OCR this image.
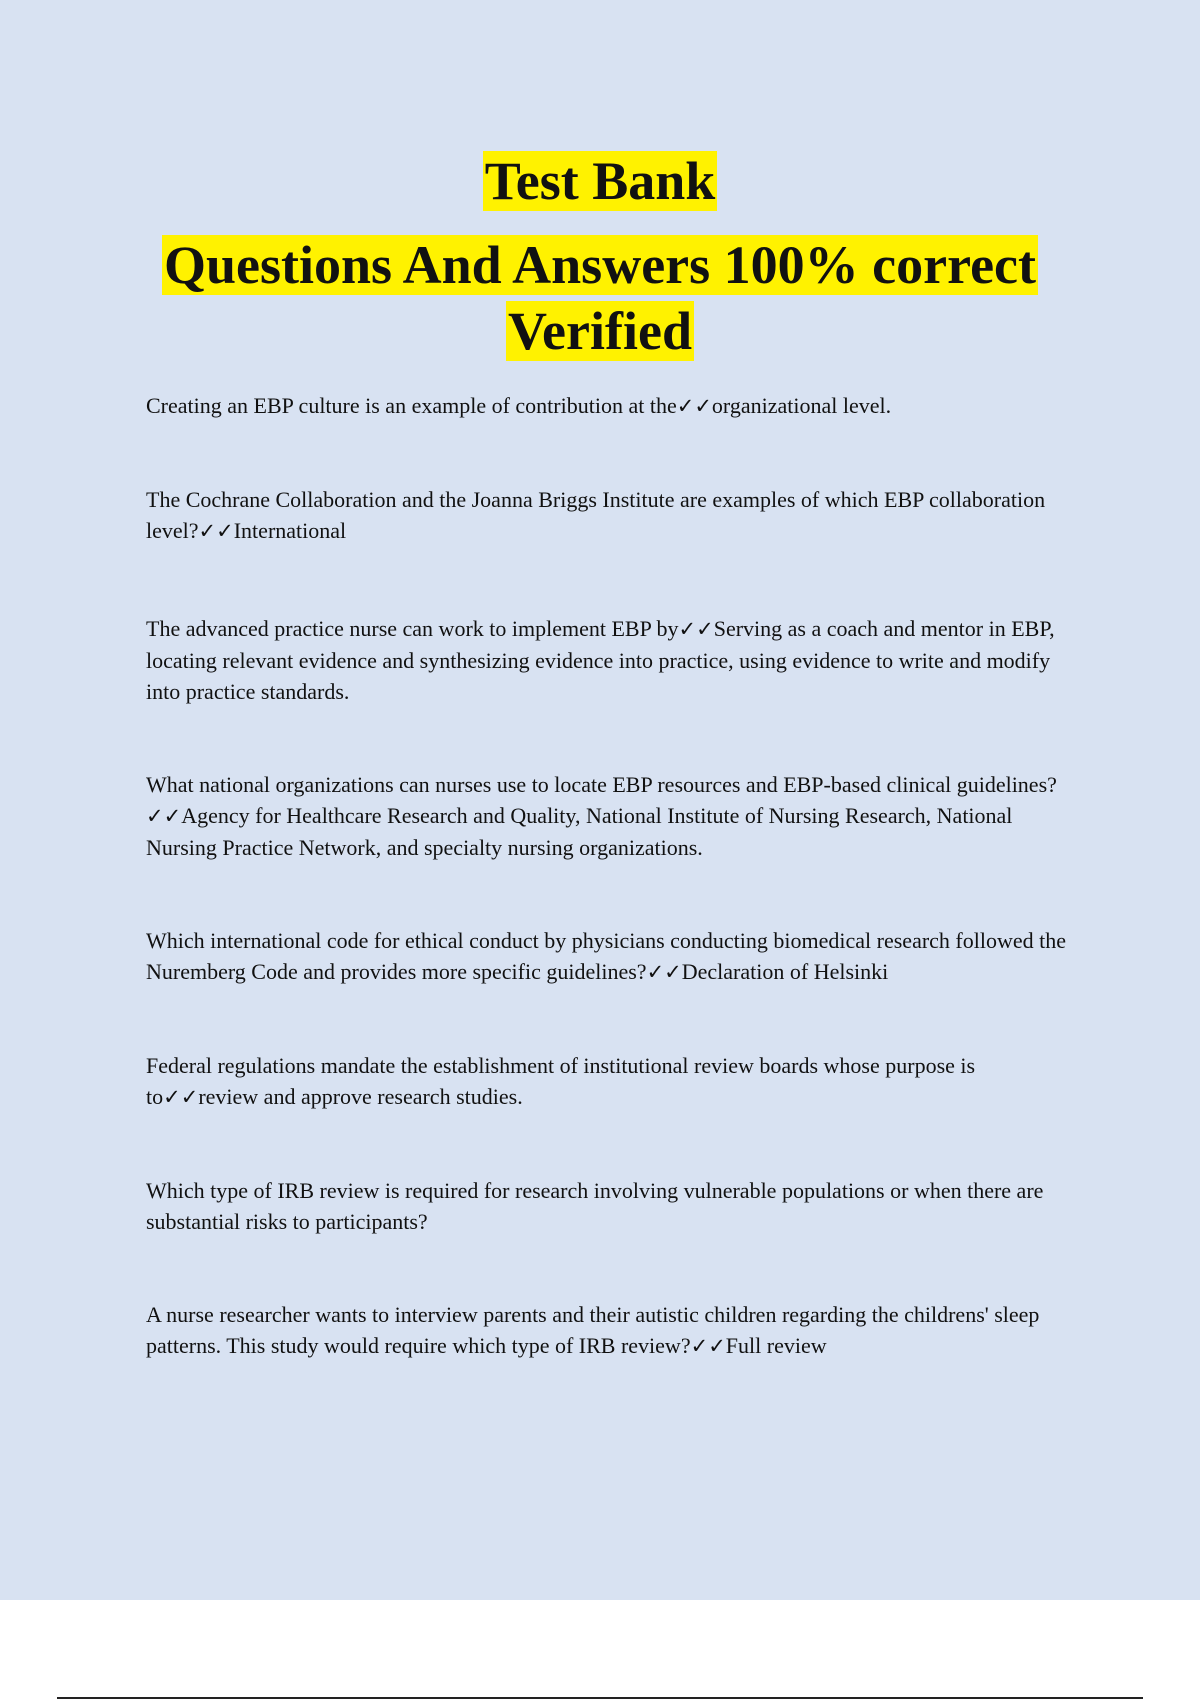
Test Bank
Questions And Answers 100% correct
Verified

Creating an EBP culture is an example of contribution at the✓✓organizational level.

The Cochrane Collaboration and the Joanna Briggs Institute are examples of which EBP collaboration level?✓✓International

The advanced practice nurse can work to implement EBP by✓✓Serving as a coach and mentor in EBP, locating relevant evidence and synthesizing evidence into practice, using evidence to write and modify into practice standards.

What national organizations can nurses use to locate EBP resources and EBP-based clinical guidelines?✓✓Agency for Healthcare Research and Quality, National Institute of Nursing Research, National Nursing Practice Network, and specialty nursing organizations.

Which international code for ethical conduct by physicians conducting biomedical research followed the Nuremberg Code and provides more specific guidelines?✓✓Declaration of Helsinki

Federal regulations mandate the establishment of institutional review boards whose purpose is to✓✓review and approve research studies.

Which type of IRB review is required for research involving vulnerable populations or when there are substantial risks to participants?

A nurse researcher wants to interview parents and their autistic children regarding the childrens' sleep patterns. This study would require which type of IRB review?✓✓Full review
